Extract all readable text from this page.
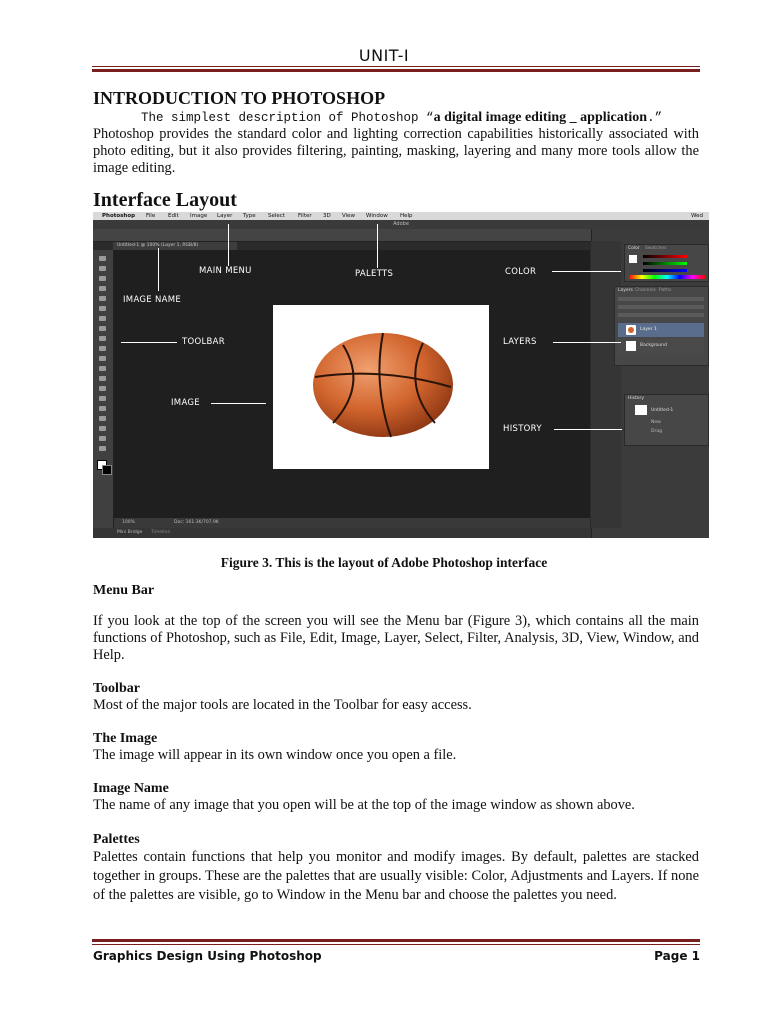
UNIT-I
INTRODUCTION TO PHOTOSHOP
The simplest description of Photoshop “a digital image editing _ application.”
Photoshop provides the standard color and lighting correction capabilities historically associated with photo editing, but it also provides filtering, painting, masking, layering and many more tools allow the image editing.
Interface Layout
Photoshop File Edit Image Layer Type Select Filter 3D View Window Help	Wed
Adobe
Untitled-1 @ 100% (Layer 1, RGB/8)
100%	Doc: 161.3K/707.9K
Mini Bridge Timeline
Color Swatches
Layers Channels Paths
Layer 1
Background
History
Untitled-1
New
Drag
MAIN MENU	PALETTS	COLOR
IMAGE NAME
TOOLBAR	LAYERS
IMAGE
HISTORY
Figure 3. This is the layout of Adobe Photoshop interface
Menu Bar
If you look at the top of the screen you will see the Menu bar (Figure 3), which contains all the main functions of Photoshop, such as File, Edit, Image, Layer, Select, Filter, Analysis, 3D, View, Window, and Help.
Toolbar
Most of the major tools are located in the Toolbar for easy access.
The Image
The image will appear in its own window once you open a file.
Image Name
The name of any image that you open will be at the top of the image window as shown above.
Palettes
Palettes contain functions that help you monitor and modify images. By default, palettes are stacked together in groups. These are the palettes that are usually visible: Color, Adjustments and Layers. If none of the palettes are visible, go to Window in the Menu bar and choose the palettes you need.
Graphics Design Using Photoshop	Page 1
